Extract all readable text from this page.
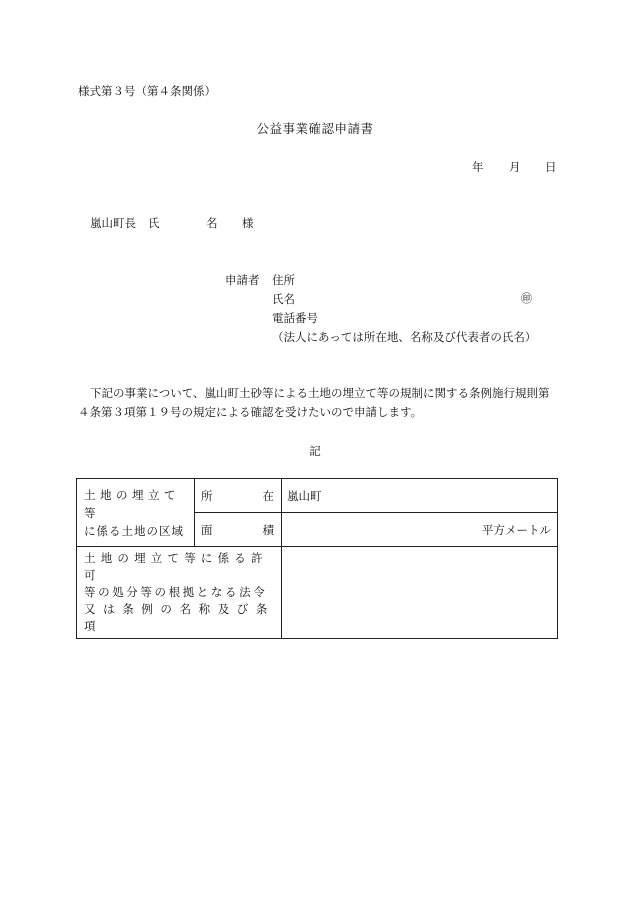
様式第３号（第４条関係）
公益事業確認申請書
年 月 日
嵐山町長 氏	名 様
申請者 住所
氏名	㊞
電話番号
（法人にあっては所在地、名称及び代表者の氏名）
下記の事業について、嵐山町土砂等による土地の埋立て等の規制に関する条例施行規則第
４条第３項第１９号の規定による確認を受けたいので申請します。
記
土地の埋立て等
に係る土地の区域	所 在	嵐山町

	面 積	平方メートル

土地の埋立て等に係る許可
等の処分等の根拠となる法令
又は条例の名称及び条項		
